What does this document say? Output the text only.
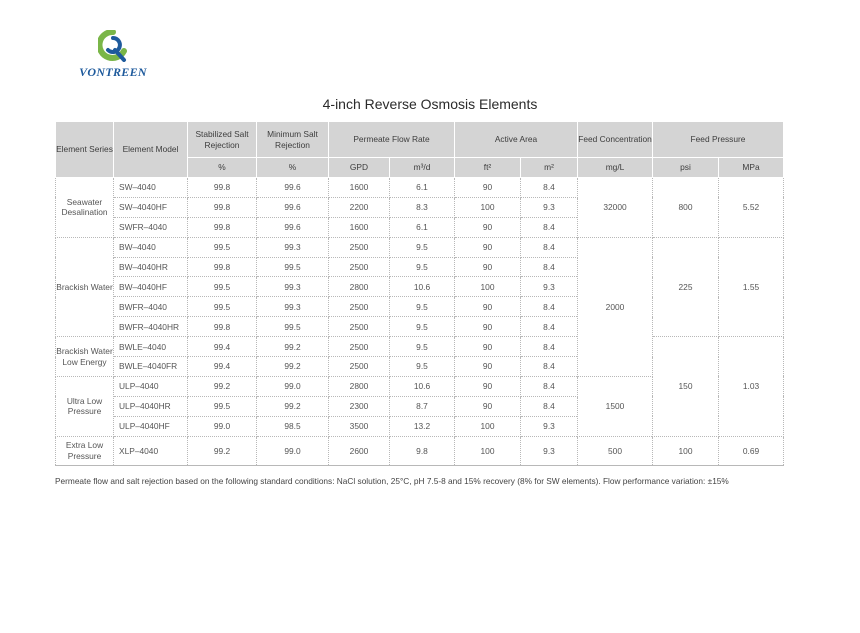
VONTREEN
4-inch Reverse Osmosis Elements
Element Series	Element Model	Stabilized Salt Rejection	Minimum Salt Rejection	Permeate Flow Rate		Active Area		Feed Concentration	Feed Pressure	
		%	%	GPD	m³/d	ft²	m²	mg/L	psi	MPa
Seawater Desalination	SW–4040	99.8	99.6	1600	6.1	90	8.4	32000	800	5.52
	SW–4040HF	99.8	99.6	2200	8.3	100	9.3			
	SWFR–4040	99.8	99.6	1600	6.1	90	8.4			
Brackish Water	BW–4040	99.5	99.3	2500	9.5	90	8.4	2000	225	1.55
	BW–4040HR	99.8	99.5	2500	9.5	90	8.4			
	BW–4040HF	99.5	99.3	2800	10.6	100	9.3			
	BWFR–4040	99.5	99.3	2500	9.5	90	8.4			
	BWFR–4040HR	99.8	99.5	2500	9.5	90	8.4			
Brackish Water Low Energy	BWLE–4040	99.4	99.2	2500	9.5	90	8.4		150	1.03
	BWLE–4040FR	99.4	99.2	2500	9.5	90	8.4			
Ultra Low Pressure	ULP–4040	99.2	99.0	2800	10.6	90	8.4	1500		
	ULP–4040HR	99.5	99.2	2300	8.7	90	8.4			
	ULP–4040HF	99.0	98.5	3500	13.2	100	9.3			
Extra Low Pressure	XLP–4040	99.2	99.0	2600	9.8	100	9.3	500	100	0.69
Permeate flow and salt rejection based on the following standard conditions: NaCl solution, 25°C, pH 7.5-8 and 15% recovery (8% for SW elements). Flow performance variation: ±15%
